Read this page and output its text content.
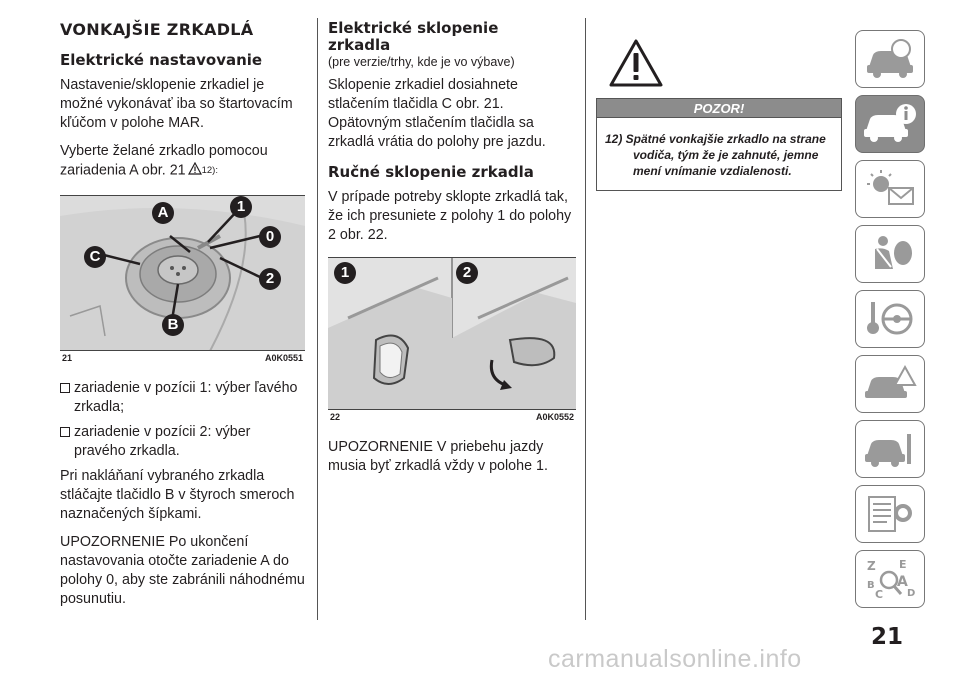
VONKAJŠIE ZRKADLÁ
Elektrické nastavovanie

Nastavenie/sklopenie zrkadiel je možné vykonávať iba so štartovacím kľúčom v polohe MAR.

Vyberte želané zrkadlo pomocou zariadenia A obr. 21 12):

A	1
0
C
2
B
21	A0K0551
zariadenie v pozícii 1: výber ľavého zrkadla;
zariadenie v pozícii 2: výber pravého zrkadla.

Pri nakláňaní vybraného zrkadla stláčajte tlačidlo B v štyroch smeroch naznačených šípkami.

UPOZORNENIE Po ukončení nastavovania otočte zariadenie A do polohy 0, aby ste zabránili náhodnému posunutiu.

Elektrické sklopenie zrkadla

(pre verzie/trhy, kde je vo výbave)

Sklopenie zrkadiel dosiahnete stlačením tlačidla C obr. 21. Opätovným stlačením tlačidla sa zrkadlá vrátia do polohy pre jazdu.

Ručné sklopenie zrkadla

V prípade potreby sklopte zrkadlá tak, že ich presuniete z polohy 1 do polohy 2 obr. 22.

1	2
22	A0K0552

UPOZORNENIE V priebehu jazdy musia byť zrkadlá vždy v polohe 1.

POZOR!

12) Spätné vonkajšie zrkadlo na strane vodiča, tým že je zahnuté, jemne mení vnímanie vzdialenosti.

Z E
B A
C D
21
carmanualsonline.info
